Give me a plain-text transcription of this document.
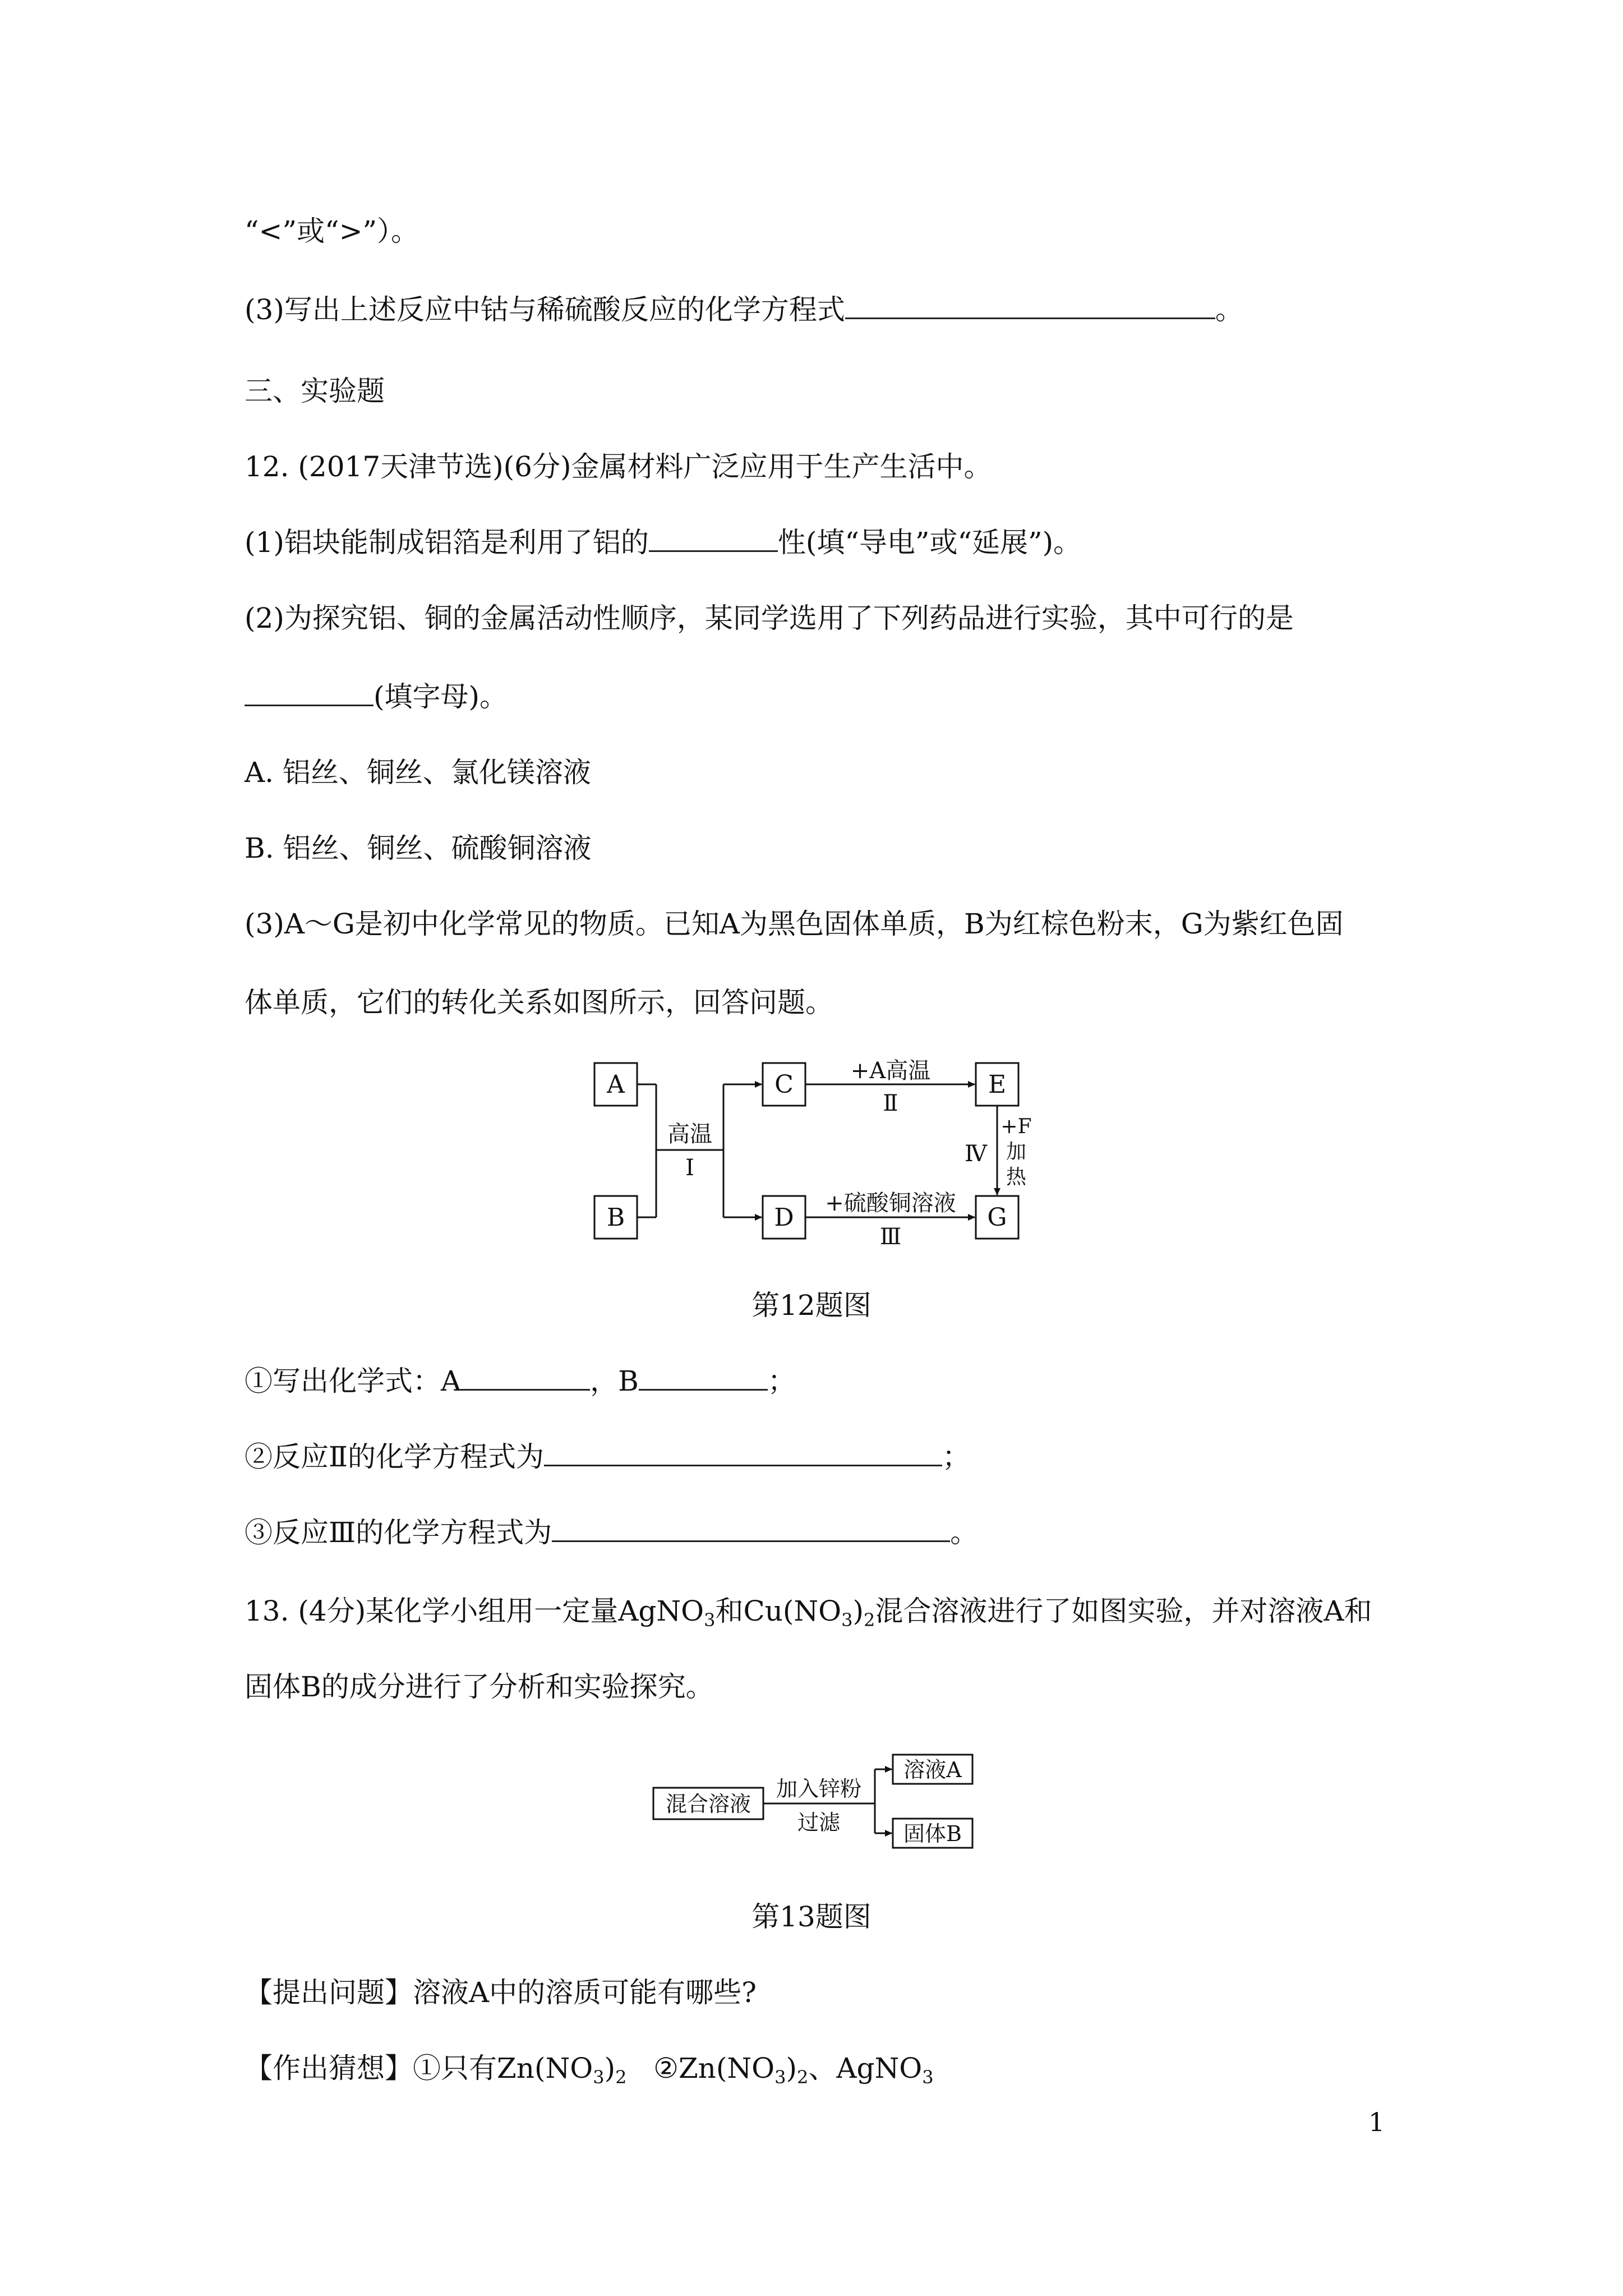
“<”或“>”）。
(3)写出上述反应中钴与稀硫酸反应的化学方程式	。
三、实验题
12. (2017天津节选)(6分)金属材料广泛应用于生产生活中。
(1)铝块能制成铝箔是利用了铝的	性(填“导电”或“延展”)。
(2)为探究铝、铜的金属活动性顺序，某同学选用了下列药品进行实验，其中可行的是
(填字母)。
A. 铝丝、铜丝、氯化镁溶液
B. 铝丝、铜丝、硫酸铜溶液
(3)A～G是初中化学常见的物质。已知A为黑色固体单质，B为红棕色粉末，G为紫红色固
体单质，它们的转化关系如图所示，回答问题。
A
B
C
D
E
G
高温
Ⅰ
+A高温
Ⅱ
+硫酸铜溶液
Ⅲ
Ⅳ
+F
加
热
第12题图
①写出化学式：A	，B	；
②反应Ⅱ的化学方程式为	；
③反应Ⅲ的化学方程式为	。
13. (4分)某化学小组用一定量AgNO$_3$和$Cu(NO_3)_2$混合溶液进行了如图实验，并对溶液A和
固体B的成分进行了分析和实验探究。
混合溶液
加入锌粉
过滤
溶液A
固体B
第13题图
【提出问题】溶液A中的溶质可能有哪些?
【作出猜想】①只有$Zn(NO_3)_2$   $②Zn(NO_3)_2$、AgNO$_3$
1
